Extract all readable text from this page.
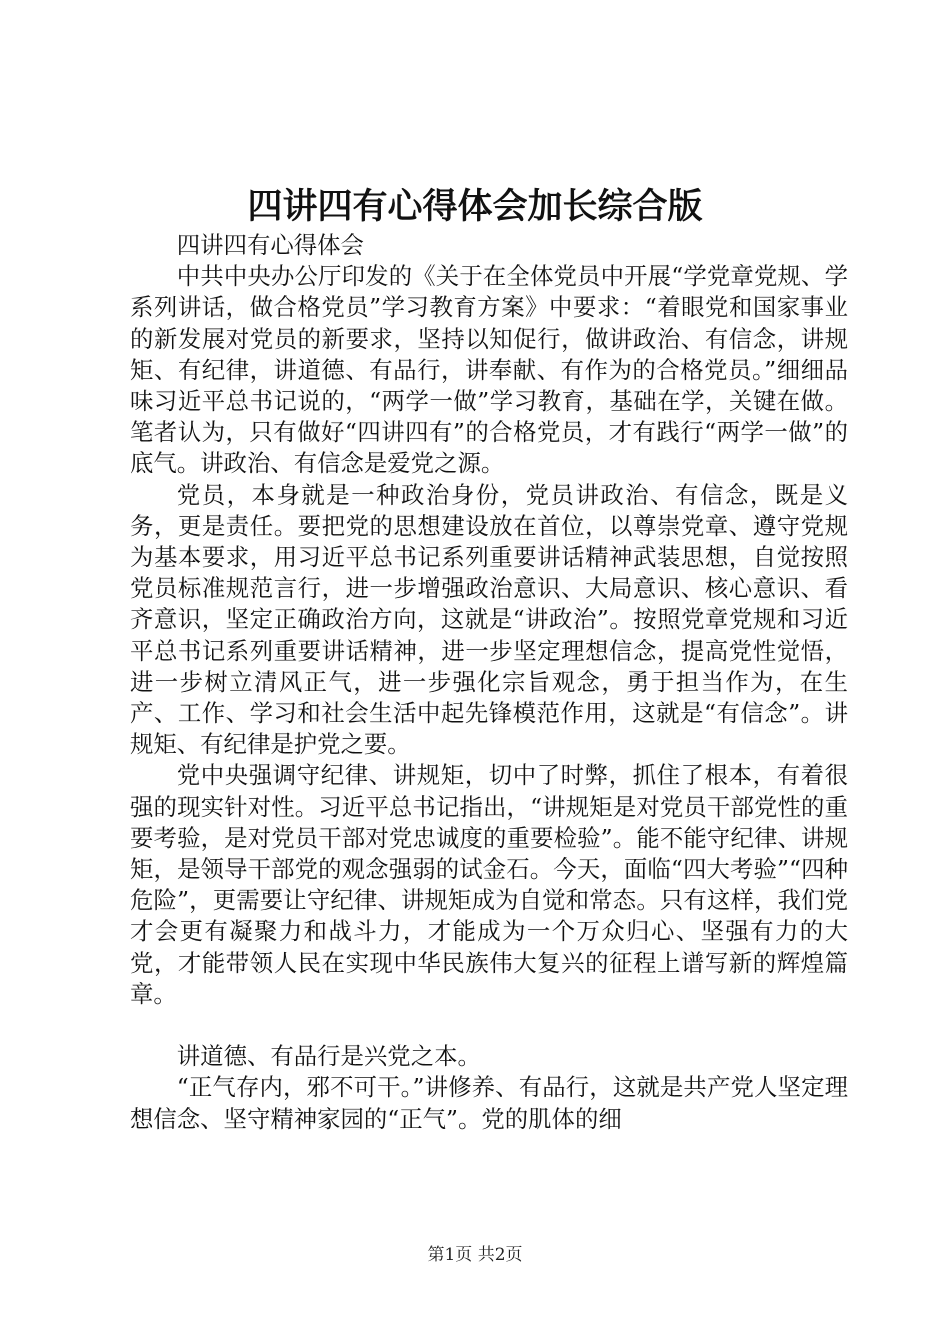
四讲四有心得体会加长综合版

四讲四有心得体会

中共中央办公厅印发的《关于在全体党员中开展“学党章党规、学系列讲话，做合格党员”学习教育方案》中要求：“着眼党和国家事业的新发展对党员的新要求，坚持以知促行，做讲政治、有信念，讲规矩、有纪律，讲道德、有品行，讲奉献、有作为的合格党员。”细细品味习近平总书记说的，“两学一做”学习教育，基础在学，关键在做。笔者认为，只有做好“四讲四有”的合格党员，才有践行“两学一做”的底气。讲政治、有信念是爱党之源。

党员，本身就是一种政治身份，党员讲政治、有信念，既是义务，更是责任。要把党的思想建设放在首位，以尊崇党章、遵守党规为基本要求，用习近平总书记系列重要讲话精神武装思想，自觉按照党员标准规范言行，进一步增强政治意识、大局意识、核心意识、看齐意识，坚定正确政治方向，这就是“讲政治”。按照党章党规和习近平总书记系列重要讲话精神，进一步坚定理想信念，提高党性觉悟，进一步树立清风正气，进一步强化宗旨观念，勇于担当作为，在生产、工作、学习和社会生活中起先锋模范作用，这就是“有信念”。讲规矩、有纪律是护党之要。

党中央强调守纪律、讲规矩，切中了时弊，抓住了根本，有着很强的现实针对性。习近平总书记指出，“讲规矩是对党员干部党性的重要考验，是对党员干部对党忠诚度的重要检验”。能不能守纪律、讲规矩，是领导干部党的观念强弱的试金石。今天，面临“四大考验”“四种危险”，更需要让守纪律、讲规矩成为自觉和常态。只有这样，我们党才会更有凝聚力和战斗力，才能成为一个万众归心、坚强有力的大党，才能带领人民在实现中华民族伟大复兴的征程上谱写新的辉煌篇章。

讲道德、有品行是兴党之本。

“正气存内，邪不可干。”讲修养、有品行，这就是共产党人坚定理想信念、坚守精神家园的“正气”。党的肌体的细

第1页 共2页
